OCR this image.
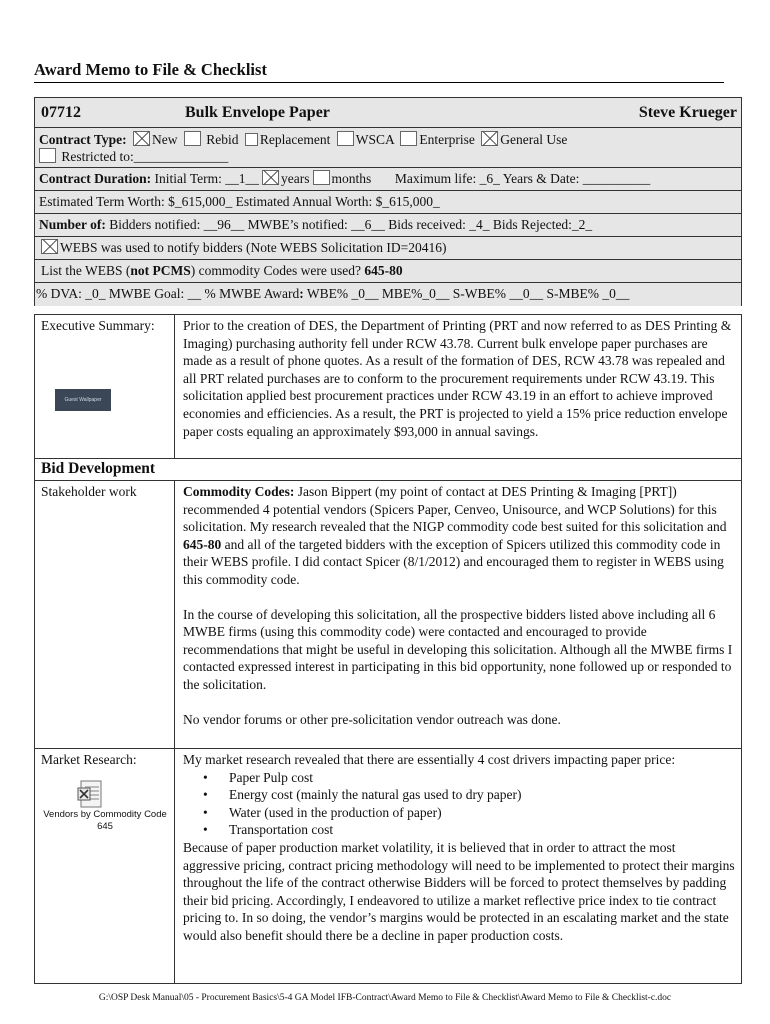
Award Memo to File & Checklist
07712	Bulk Envelope Paper	Steve Krueger
Contract Type: New Rebid Replacement WSCA Enterprise General Use
Restricted to:______________
Contract Duration: Initial Term: __1__ years months Maximum life: _6_ Years & Date: __________
Estimated Term Worth: $_615,000_ Estimated Annual Worth: $_615,000_
Number of: Bidders notified: __96__ MWBE’s notified: __6__ Bids received: _4_ Bids Rejected:_2_
WEBS was used to notify bidders (Note WEBS Solicitation ID=20416)
List the WEBS (not PCMS) commodity Codes were used? 645-80
% DVA: _0_ MWBE Goal: __ % MWBE Award: WBE% _0__ MBE%_0__ S-WBE% __0__ S-MBE% _0__
Executive Summary:
Guest Wallpaper

Prior to the creation of DES, the Department of Printing (PRT and now referred to as DES Printing & Imaging) purchasing authority fell under RCW 43.78. Current bulk envelope paper purchases are made as a result of phone quotes. As a result of the formation of DES, RCW 43.78 was repealed and all PRT related purchases are to conform to the procurement requirements under RCW 43.19. This solicitation applied best procurement practices under RCW 43.19 in an effort to achieve improved economies and efficiencies. As a result, the PRT is projected to yield a 15% price reduction envelope paper costs equaling an approximately $93,000 in annual savings.

Bid Development
Stakeholder work	Commodity Codes: Jason Bippert (my point of contact at DES Printing & Imaging [PRT]) recommended 4 potential vendors (Spicers Paper, Cenveo, Unisource, and WCP Solutions) for this solicitation. My research revealed that the NIGP commodity code best suited for this solicitation and 645-80 and all of the targeted bidders with the exception of Spicers utilized this commodity code in their WEBS profile. I did contact Spicer (8/1/2012) and encouraged them to register in WEBS using this commodity code.

In the course of developing this solicitation, all the prospective bidders listed above including all 6 MWBE firms (using this commodity code) were contacted and encouraged to provide recommendations that might be useful in developing this solicitation. Although all the MWBE firms I contacted expressed interest in participating in this bid opportunity, none followed up or responded to the solicitation.

No vendor forums or other pre-solicitation vendor outreach was done.

Market Research:
Vendors by Commodity Code 645

My market research revealed that there are essentially 4 cost drivers impacting paper price:

• Paper Pulp cost
• Energy cost (mainly the natural gas used to dry paper)
• Water (used in the production of paper)
• Transportation cost
Because of paper production market volatility, it is believed that in order to attract the most aggressive pricing, contract pricing methodology will need to be implemented to protect their margins throughout the life of the contract otherwise Bidders will be forced to protect themselves by padding their bid pricing. Accordingly, I endeavored to utilize a market reflective price index to tie contract pricing to. In so doing, the vendor’s margins would be protected in an escalating market and the state would also benefit should there be a decline in paper production costs.
G:\OSP Desk Manual\05 - Procurement Basics\5-4 GA Model IFB-Contract\Award Memo to File & Checklist\Award Memo to File & Checklist-c.doc
